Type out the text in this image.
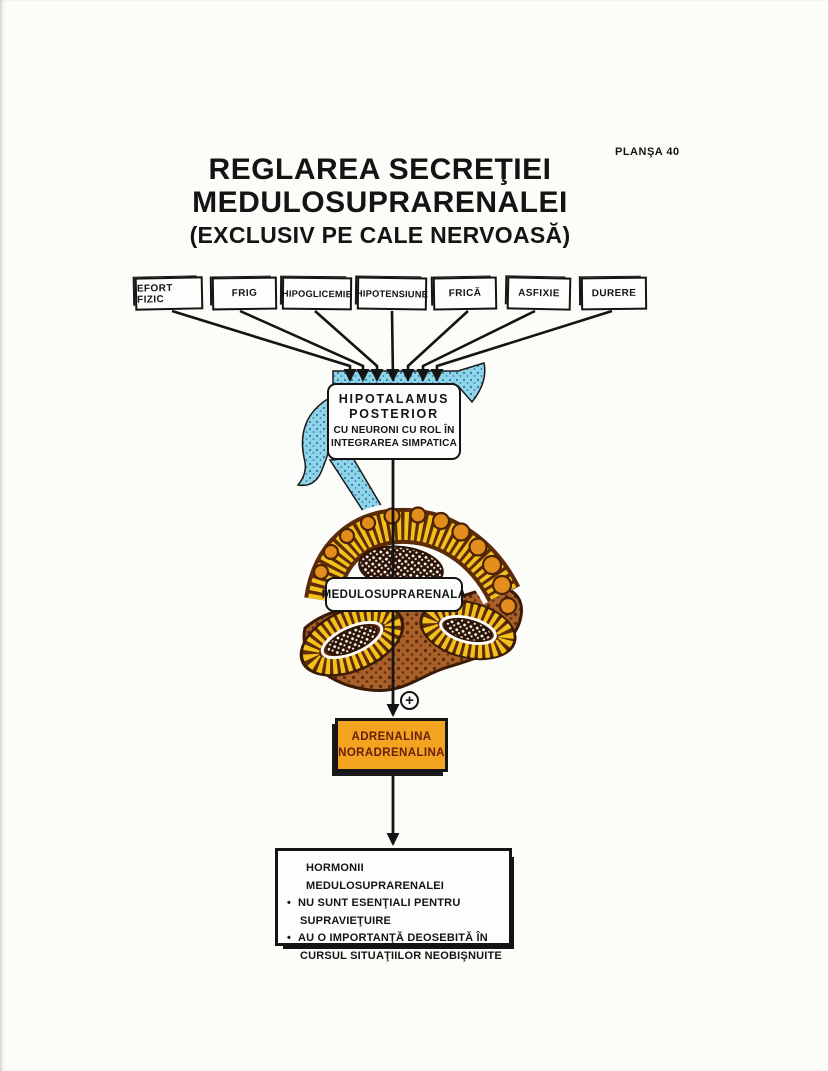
PLANŞA 40
REGLAREA SECREŢIEI
MEDULOSUPRARENALEI
(EXCLUSIV PE CALE NERVOASĂ)
EFORT FIZIC
FRIG	HIPOGLICEMIE HIPOTENSIUNE FRICĂ	ASFIXIE	DURERE
HIPOTALAMUS
POSTERIOR
CU NEURONI CU ROL ÎN
INTEGRAREA SIMPATICA
MEDULOSUPRARENALA
+
ADRENALINA
NORADRENALINA
HORMONII MEDULOSUPRARENALEI
• NU SUNT ESENŢIALI PENTRU
SUPRAVIEŢUIRE
• AU O IMPORTANŢĂ DEOSEBITĂ ÎN
CURSUL SITUAŢIILOR NEOBIŞNUITE
